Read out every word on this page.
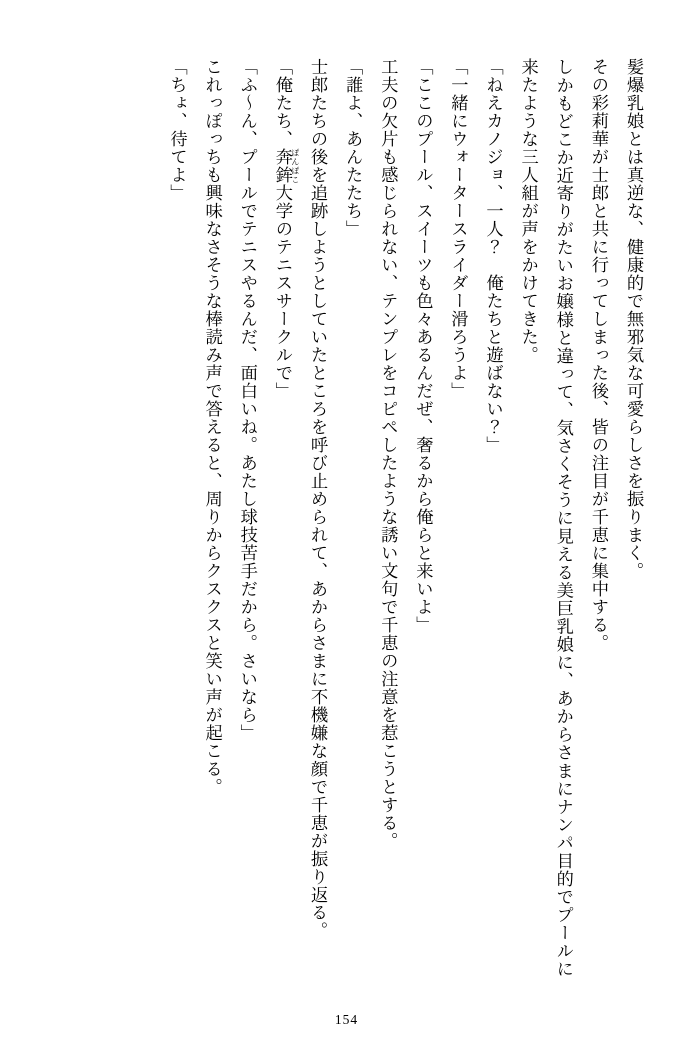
髪爆乳娘とは真逆な、健康的で無邪気な可愛らしさを振りまく。

その彩莉華が士郎と共に行ってしまった後、皆の注目が千恵に集中する。

しかもどこか近寄りがたいお嬢様と違って、気さくそうに見える美巨乳娘に、あからさまにナンパ目的でプールに来たような三人組が声をかけてきた。

「ねえカノジョ、一人？　俺たちと遊ばない？」

「一緒にウォータースライダー滑ろうよ」

「ここのプール、スイーツも色々あるんだぜ、奢るから俺らと来いよ」

工夫の欠片も感じられない、テンプレをコピペしたような誘い文句で千恵の注意を惹こうとする。

「誰よ、あんたたち」

士郎たちの後を追跡しようとしていたところを呼び止められて、あからさまに不機嫌な顔で千恵が振り返る。

「俺たち、奔鉾 ぽんぽこ大学のテニスサークルで」

「ふ～ん、プールでテニスやるんだ、面白いね。あたし球技苦手だから。さいなら」

これっぽっちも興味なさそうな棒読み声で答えると、周りからクスクスと笑い声が起こる。

「ちょ、待てよ」

154
